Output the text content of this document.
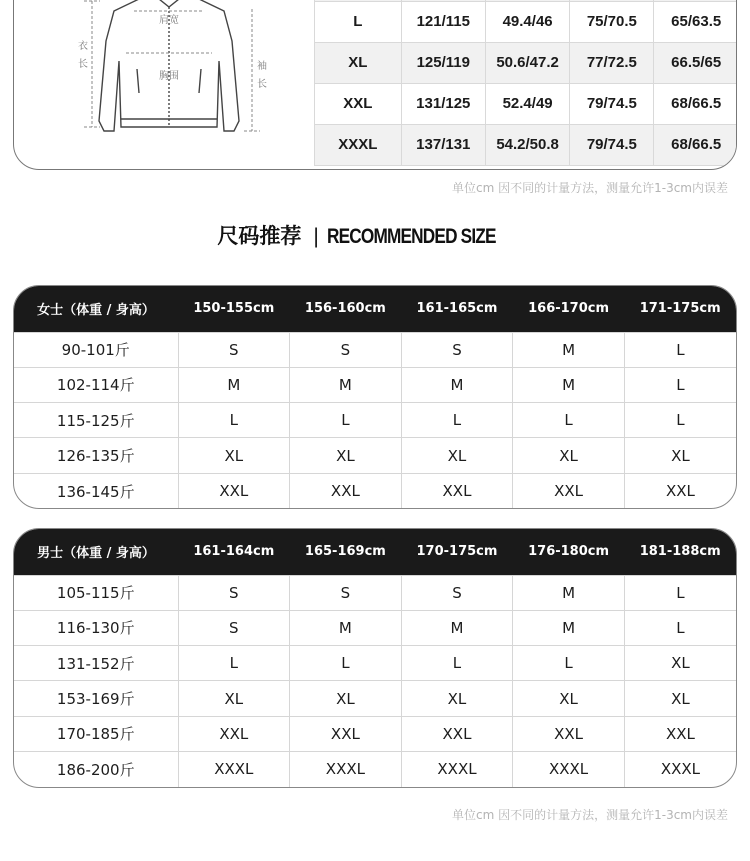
肩宽
胸围
衣
长	袖
长

L	121/115	49.4/46	75/70.5	65/63.5
XL	125/119	50.6/47.2	77/72.5	66.5/65
XXL	131/125	52.4/49	79/74.5	68/66.5
XXXL	137/131	54.2/50.8	79/74.5	68/66.5
单位cm 因不同的计量方法，测量允许1-3cm内误差
尺码推荐 | RECOMMENDED SIZE
女士（体重 / 身高）	150-155cm	156-160cm	161-165cm	166-170cm	171-175cm
90-101斤	S	S	S	M	L
102-114斤	M	M	M	M	L
115-125斤	L	L	L	L	L
126-135斤	XL	XL	XL	XL	XL
136-145斤	XXL	XXL	XXL	XXL	XXL
男士（体重 / 身高）	161-164cm	165-169cm	170-175cm	176-180cm	181-188cm
105-115斤	S	S	S	M	L
116-130斤	S	M	M	M	L
131-152斤	L	L	L	L	XL
153-169斤	XL	XL	XL	XL	XL
170-185斤	XXL	XXL	XXL	XXL	XXL
186-200斤	XXXL	XXXL	XXXL	XXXL	XXXL
单位cm 因不同的计量方法，测量允许1-3cm内误差
